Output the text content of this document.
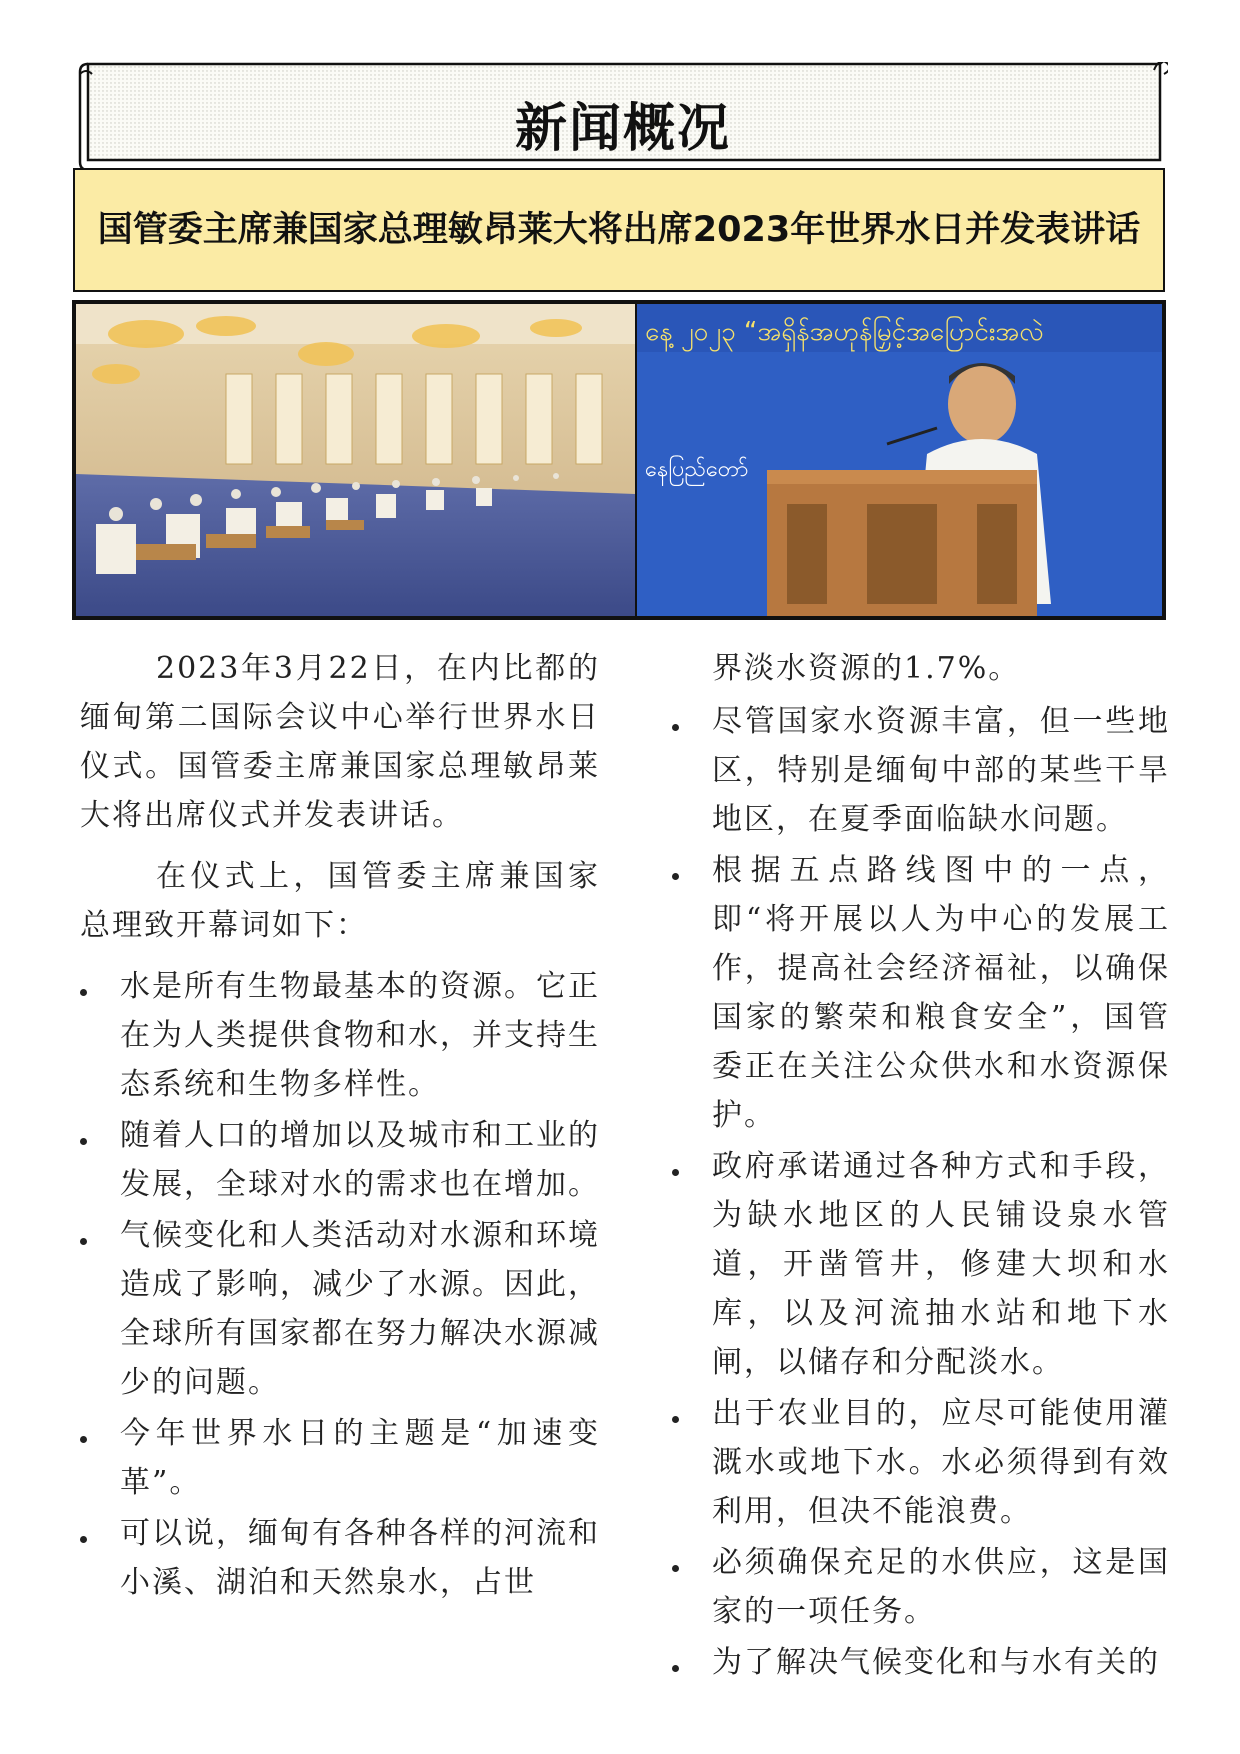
新闻概况
国管委主席兼国家总理敏昂莱大将出席2023年世界水日并发表讲话
နေ့ ၂၀၂၃ “အရှိန်အဟုန်မြှင့်အပြောင်းအလဲ
နေပြည်တော်

2023年3月22日，在内比都的缅甸第二国际会议中心举行世界水日仪式。国管委主席兼国家总理敏昂莱大将出席仪式并发表讲话。

在仪式上，国管委主席兼国家总理致开幕词如下：

水是所有生物最基本的资源。它正在为人类提供食物和水，并支持生态系统和生物多样性。
随着人口的增加以及城市和工业的发展，全球对水的需求也在增加。
气候变化和人类活动对水源和环境造成了影响，减少了水源。因此，全球所有国家都在努力解决水源减少的问题。
今年世界水日的主题是“加速变革”。
可以说，缅甸有各种各样的河流和小溪、湖泊和天然泉水，占世

界淡水资源的1.7%。

尽管国家水资源丰富，但一些地区，特别是缅甸中部的某些干旱地区，在夏季面临缺水问题。
根据五点路线图中的一点，即“将开展以人为中心的发展工作，提高社会经济福祉，以确保国家的繁荣和粮食安全”，国管委正在关注公众供水和水资源保护。
政府承诺通过各种方式和手段，为缺水地区的人民铺设泉水管道，开凿管井，修建大坝和水库，以及河流抽水站和地下水闸，以储存和分配淡水。
出于农业目的，应尽可能使用灌溉水或地下水。水必须得到有效利用，但决不能浪费。
必须确保充足的水供应，这是国家的一项任务。
为了解决气候变化和与水有关的
